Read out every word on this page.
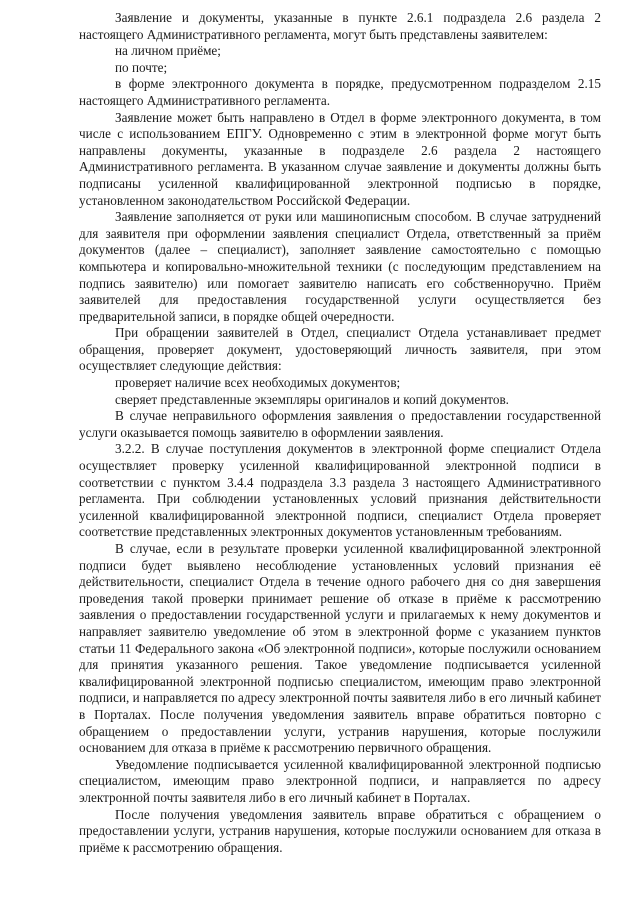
Заявление и документы, указанные в пункте 2.6.1 подраздела 2.6 раздела 2 настоящего Административного регламента, могут быть представлены заявителем:

на личном приёме;

по почте;

в форме электронного документа в порядке, предусмотренном подразделом 2.15 настоящего Административного регламента.

Заявление может быть направлено в Отдел в форме электронного документа, в том числе с использованием ЕПГУ. Одновременно с этим в электронной форме могут быть направлены документы, указанные в подразделе 2.6 раздела 2 настоящего Административного регламента. В указанном случае заявление и документы должны быть подписаны усиленной квалифицированной электронной подписью в порядке, установленном законодательством Российской Федерации.

Заявление заполняется от руки или машинописным способом. В случае затруднений для заявителя при оформлении заявления специалист Отдела, ответственный за приём документов (далее – специалист), заполняет заявление самостоятельно с помощью компьютера и копировально-множительной техники (с последующим представлением на подпись заявителю) или помогает заявителю написать его собственноручно. Приём заявителей для предоставления государственной услуги осуществляется без предварительной записи, в порядке общей очередности.

При обращении заявителей в Отдел, специалист Отдела устанавливает предмет обращения, проверяет документ, удостоверяющий личность заявителя, при этом осуществляет следующие действия:

проверяет наличие всех необходимых документов;

сверяет представленные экземпляры оригиналов и копий документов.

В случае неправильного оформления заявления о предоставлении государственной услуги оказывается помощь заявителю в оформлении заявления.

3.2.2. В случае поступления документов в электронной форме специалист Отдела осуществляет проверку усиленной квалифицированной электронной подписи в соответствии с пунктом 3.4.4 подраздела 3.3 раздела 3 настоящего Административного регламента. При соблюдении установленных условий признания действительности усиленной квалифицированной электронной подписи, специалист Отдела проверяет соответствие представленных электронных документов установленным требованиям.

В случае, если в результате проверки усиленной квалифицированной электронной подписи будет выявлено несоблюдение установленных условий признания её действительности, специалист Отдела в течение одного рабочего дня со дня завершения проведения такой проверки принимает решение об отказе в приёме к рассмотрению заявления о предоставлении государственной услуги и прилагаемых к нему документов и направляет заявителю уведомление об этом в электронной форме с указанием пунктов статьи 11 Федерального закона «Об электронной подписи», которые послужили основанием для принятия указанного решения. Такое уведомление подписывается усиленной квалифицированной электронной подписью специалистом, имеющим право электронной подписи, и направляется по адресу электронной почты заявителя либо в его личный кабинет в Порталах. После получения уведомления заявитель вправе обратиться повторно с обращением о предоставлении услуги, устранив нарушения, которые послужили основанием для отказа в приёме к рассмотрению первичного обращения.

Уведомление подписывается усиленной квалифицированной электронной подписью специалистом, имеющим право электронной подписи, и направляется по адресу электронной почты заявителя либо в его личный кабинет в Порталах.

После получения уведомления заявитель вправе обратиться с обращением о предоставлении услуги, устранив нарушения, которые послужили основанием для отказа в приёме к рассмотрению обращения.
